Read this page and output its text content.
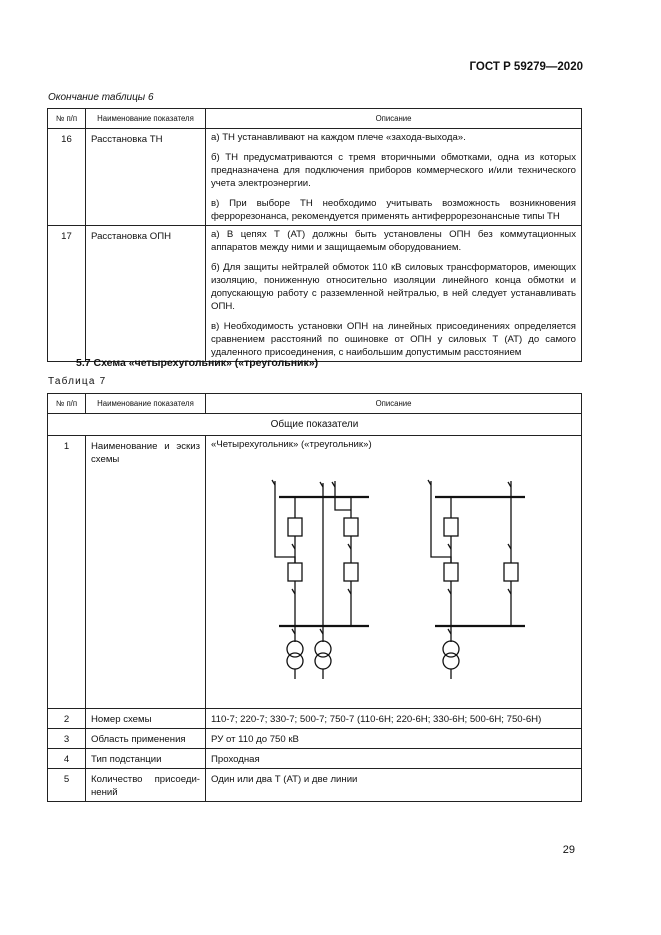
ГОСТ Р 59279—2020
Окончание таблицы 6
№ п/п	Наименование показателя	Описание
16	Расстановка ТН	а) ТН устанавливают на каждом плече «захода-выхода».

б) ТН предусматриваются с тремя вторичными обмотками, одна из которых предназначена для подключения приборов коммерческого и/или технического учета электроэнергии.

в) При выборе ТН необходимо учитывать возможность возникновения феррорезонанса, рекомендуется применять антиферрорезонансные типы ТН

17	Расстановка ОПН	а) В цепях Т (АТ) должны быть установлены ОПН без коммутационных аппаратов между ними и защищаемым оборудованием.

б) Для защиты нейтралей обмоток 110 кВ силовых трансформаторов, имеющих изоляцию, пониженную относительно изоляции линейного конца обмотки и допускающую работу с разземленной нейтралью, в ней следует устанавливать ОПН.

в) Необходимость установки ОПН на линейных присоединениях определяется сравнением расстояний по ошиновке от ОПН у силовых Т (АТ) до самого удаленного присоединения, с наибольшим допустимым расстоянием

5.7 Схема «четырехугольник» («треугольник»)
Таблица 7
№ п/п	Наименование показателя	Описание
Общие показатели		
1	Наименование и эскиз
схемы	«Четырехугольник» («треугольник»)

2	Номер схемы	110-7; 220-7; 330-7; 500-7; 750-7 (110-6Н; 220-6Н; 330-6Н; 500-6Н; 750-6Н)
3	Область применения	РУ от 110 до 750 кВ
4	Тип подстанции	Проходная
5	Количество присоеди-
нений	Один или два Т (АТ) и две линии
29
